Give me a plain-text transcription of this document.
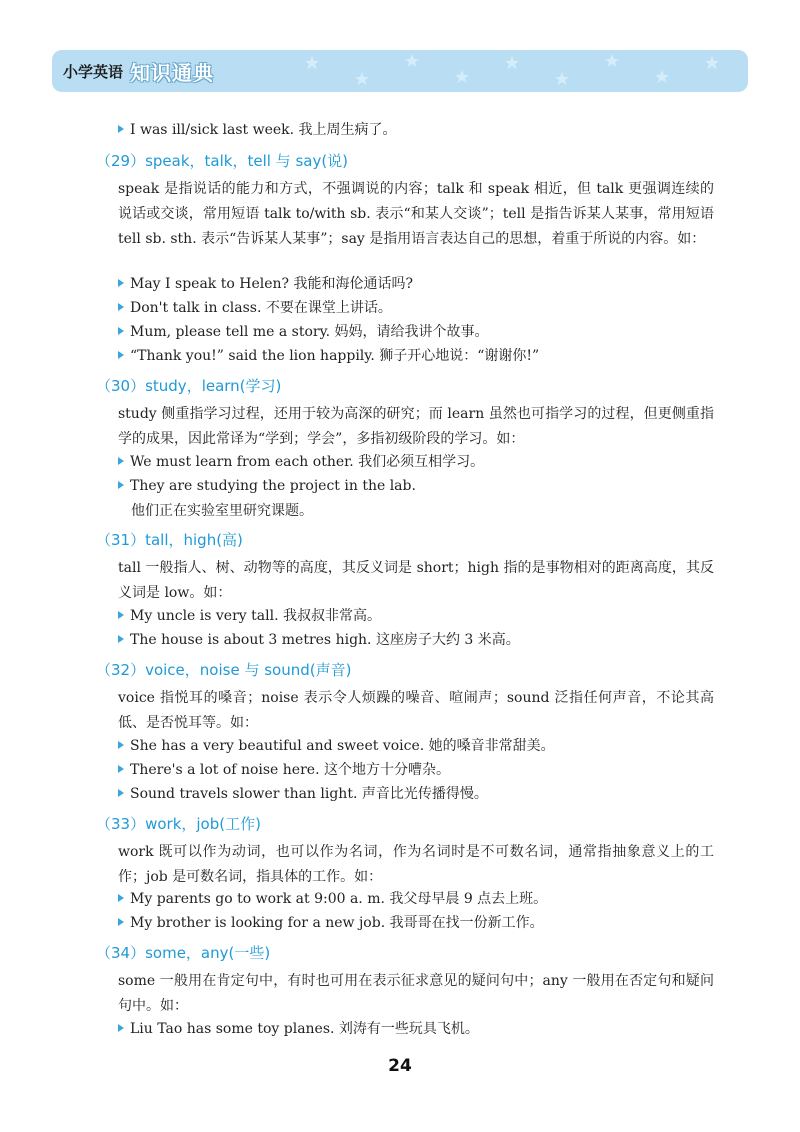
小学英语 知识通典
I was ill/sick last week. 我上周生病了。
（29）speak，talk，tell 与 say(说)
speak 是指说话的能力和方式，不强调说的内容；talk 和 speak 相近，但 talk 更强调连续的说话或交谈，常用短语 talk to/with sb. 表示“和某人交谈”；tell 是指告诉某人某事，常用短语 tell sb. sth. 表示“告诉某人某事”；say 是指用语言表达自己的思想，着重于所说的内容。如：
May I speak to Helen? 我能和海伦通话吗?
Don't talk in class. 不要在课堂上讲话。
Mum, please tell me a story. 妈妈，请给我讲个故事。
“Thank you!” said the lion happily. 狮子开心地说：“谢谢你!”
（30）study，learn(学习)
study 侧重指学习过程，还用于较为高深的研究；而 learn 虽然也可指学习的过程，但更侧重指学的成果，因此常译为“学到；学会”，多指初级阶段的学习。如：
We must learn from each other. 我们必须互相学习。
They are studying the project in the lab.
他们正在实验室里研究课题。
（31）tall，high(高)
tall 一般指人、树、动物等的高度，其反义词是 short；high 指的是事物相对的距离高度，其反义词是 low。如：
My uncle is very tall. 我叔叔非常高。
The house is about 3 metres high. 这座房子大约 3 米高。
（32）voice，noise 与 sound(声音)
voice 指悦耳的嗓音；noise 表示令人烦躁的噪音、喧闹声；sound 泛指任何声音，不论其高低、是否悦耳等。如：
She has a very beautiful and sweet voice. 她的嗓音非常甜美。
There's a lot of noise here. 这个地方十分嘈杂。
Sound travels slower than light. 声音比光传播得慢。
（33）work，job(工作)
work 既可以作为动词，也可以作为名词，作为名词时是不可数名词，通常指抽象意义上的工作；job 是可数名词，指具体的工作。如：
My parents go to work at 9:00 a. m. 我父母早晨 9 点去上班。
My brother is looking for a new job. 我哥哥在找一份新工作。
（34）some，any(一些)
some 一般用在肯定句中，有时也可用在表示征求意见的疑问句中；any 一般用在否定句和疑问句中。如：
Liu Tao has some toy planes. 刘涛有一些玩具飞机。
24
